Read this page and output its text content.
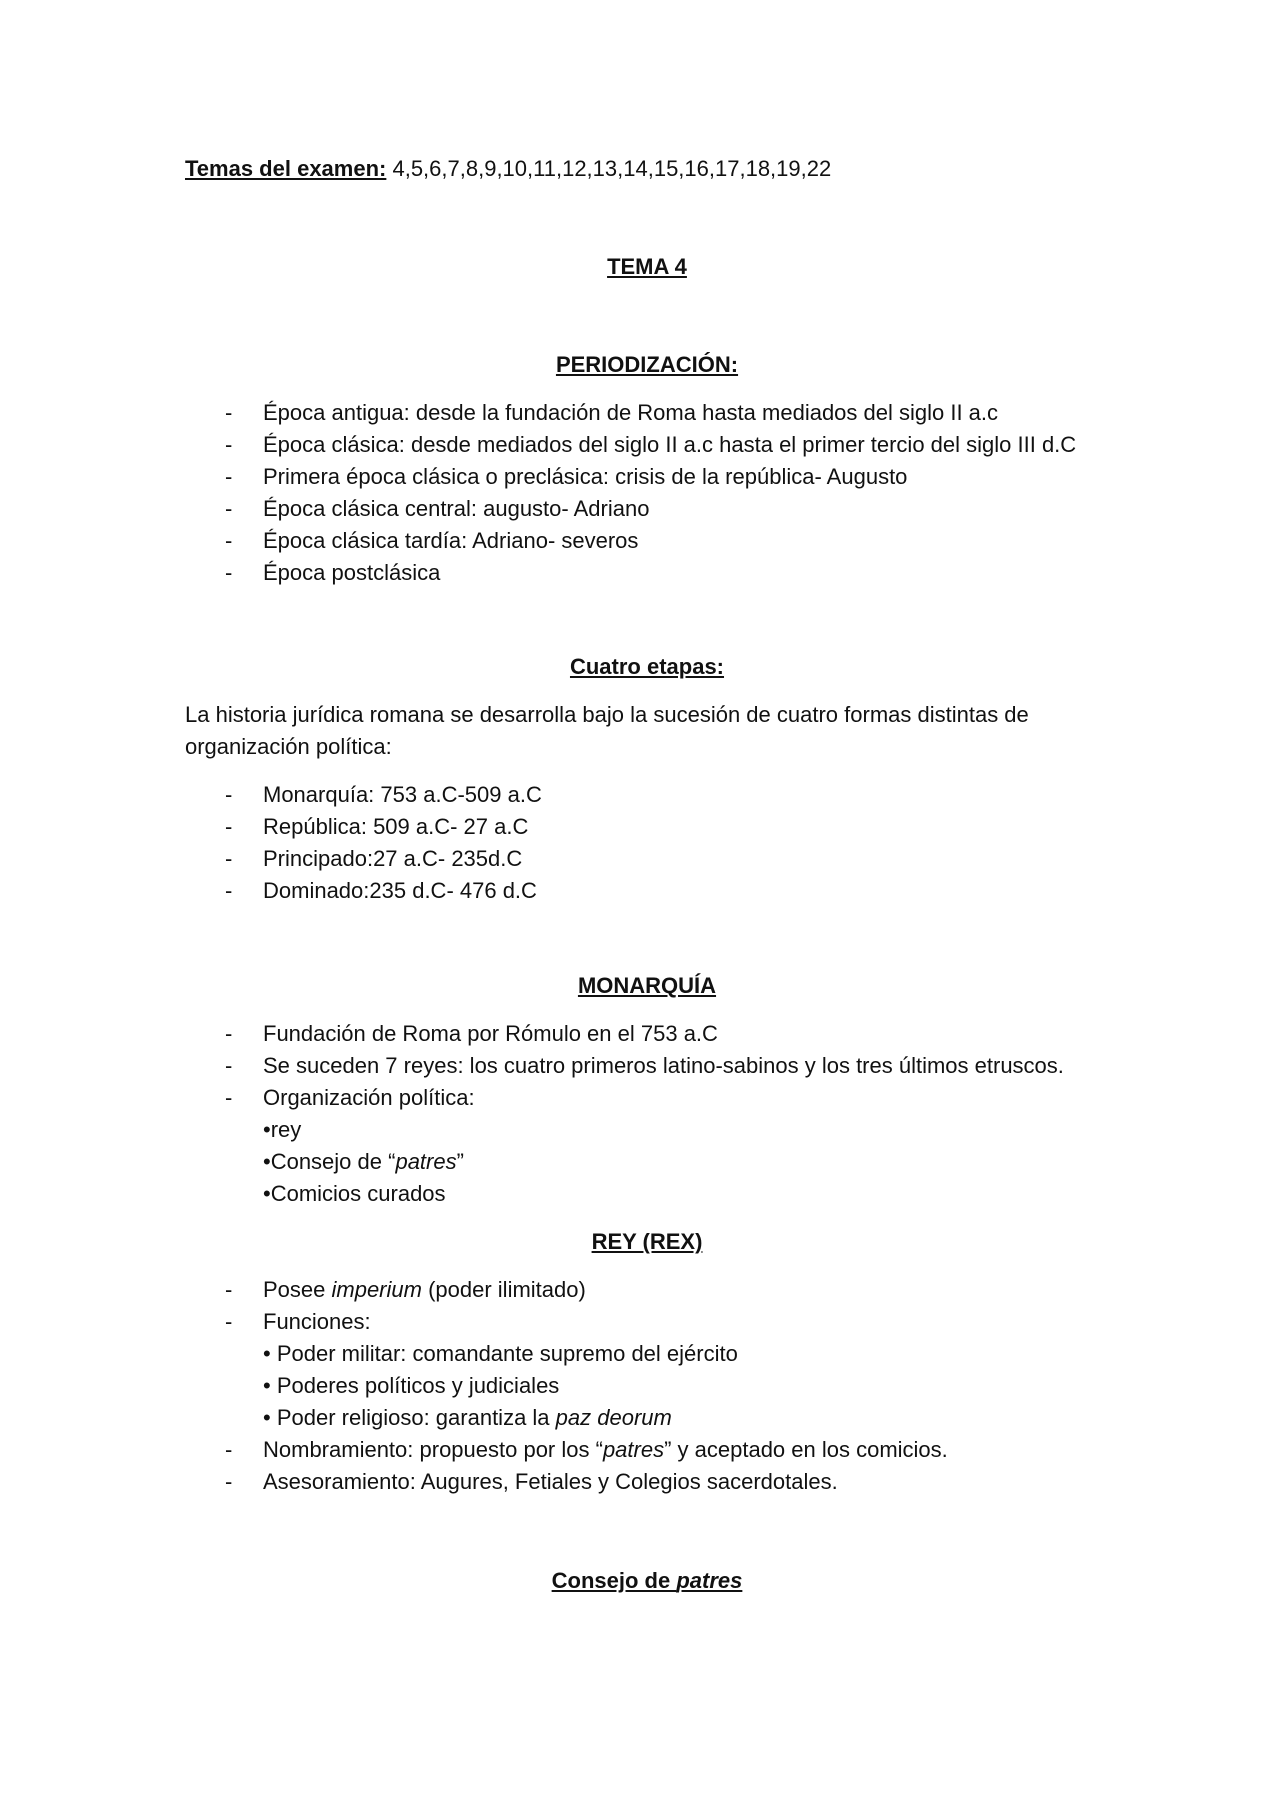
Temas del examen: 4,5,6,7,8,9,10,11,12,13,14,15,16,17,18,19,22
TEMA 4
PERIODIZACIÓN:
- Época antigua: desde la fundación de Roma hasta mediados del siglo II a.c
- Época clásica: desde mediados del siglo II a.c hasta el primer tercio del siglo III d.C
- Primera época clásica o preclásica: crisis de la república- Augusto
- Época clásica central: augusto- Adriano
- Época clásica tardía: Adriano- severos
- Época postclásica
Cuatro etapas:
La historia jurídica romana se desarrolla bajo la sucesión de cuatro formas distintas de
organización política:
- Monarquía: 753 a.C-509 a.C
- República: 509 a.C- 27 a.C
- Principado:27 a.C- 235d.C
- Dominado:235 d.C- 476 d.C
MONARQUÍA
- Fundación de Roma por Rómulo en el 753 a.C
- Se suceden 7 reyes: los cuatro primeros latino-sabinos y los tres últimos etruscos.
- Organización política:
•rey
•Consejo de “patres”
•Comicios curados
REY (REX)
- Posee imperium (poder ilimitado)
- Funciones:
• Poder militar: comandante supremo del ejército
• Poderes políticos y judiciales
• Poder religioso: garantiza la paz deorum
- Nombramiento: propuesto por los “patres” y aceptado en los comicios.
- Asesoramiento: Augures, Fetiales y Colegios sacerdotales.
Consejo de patres
